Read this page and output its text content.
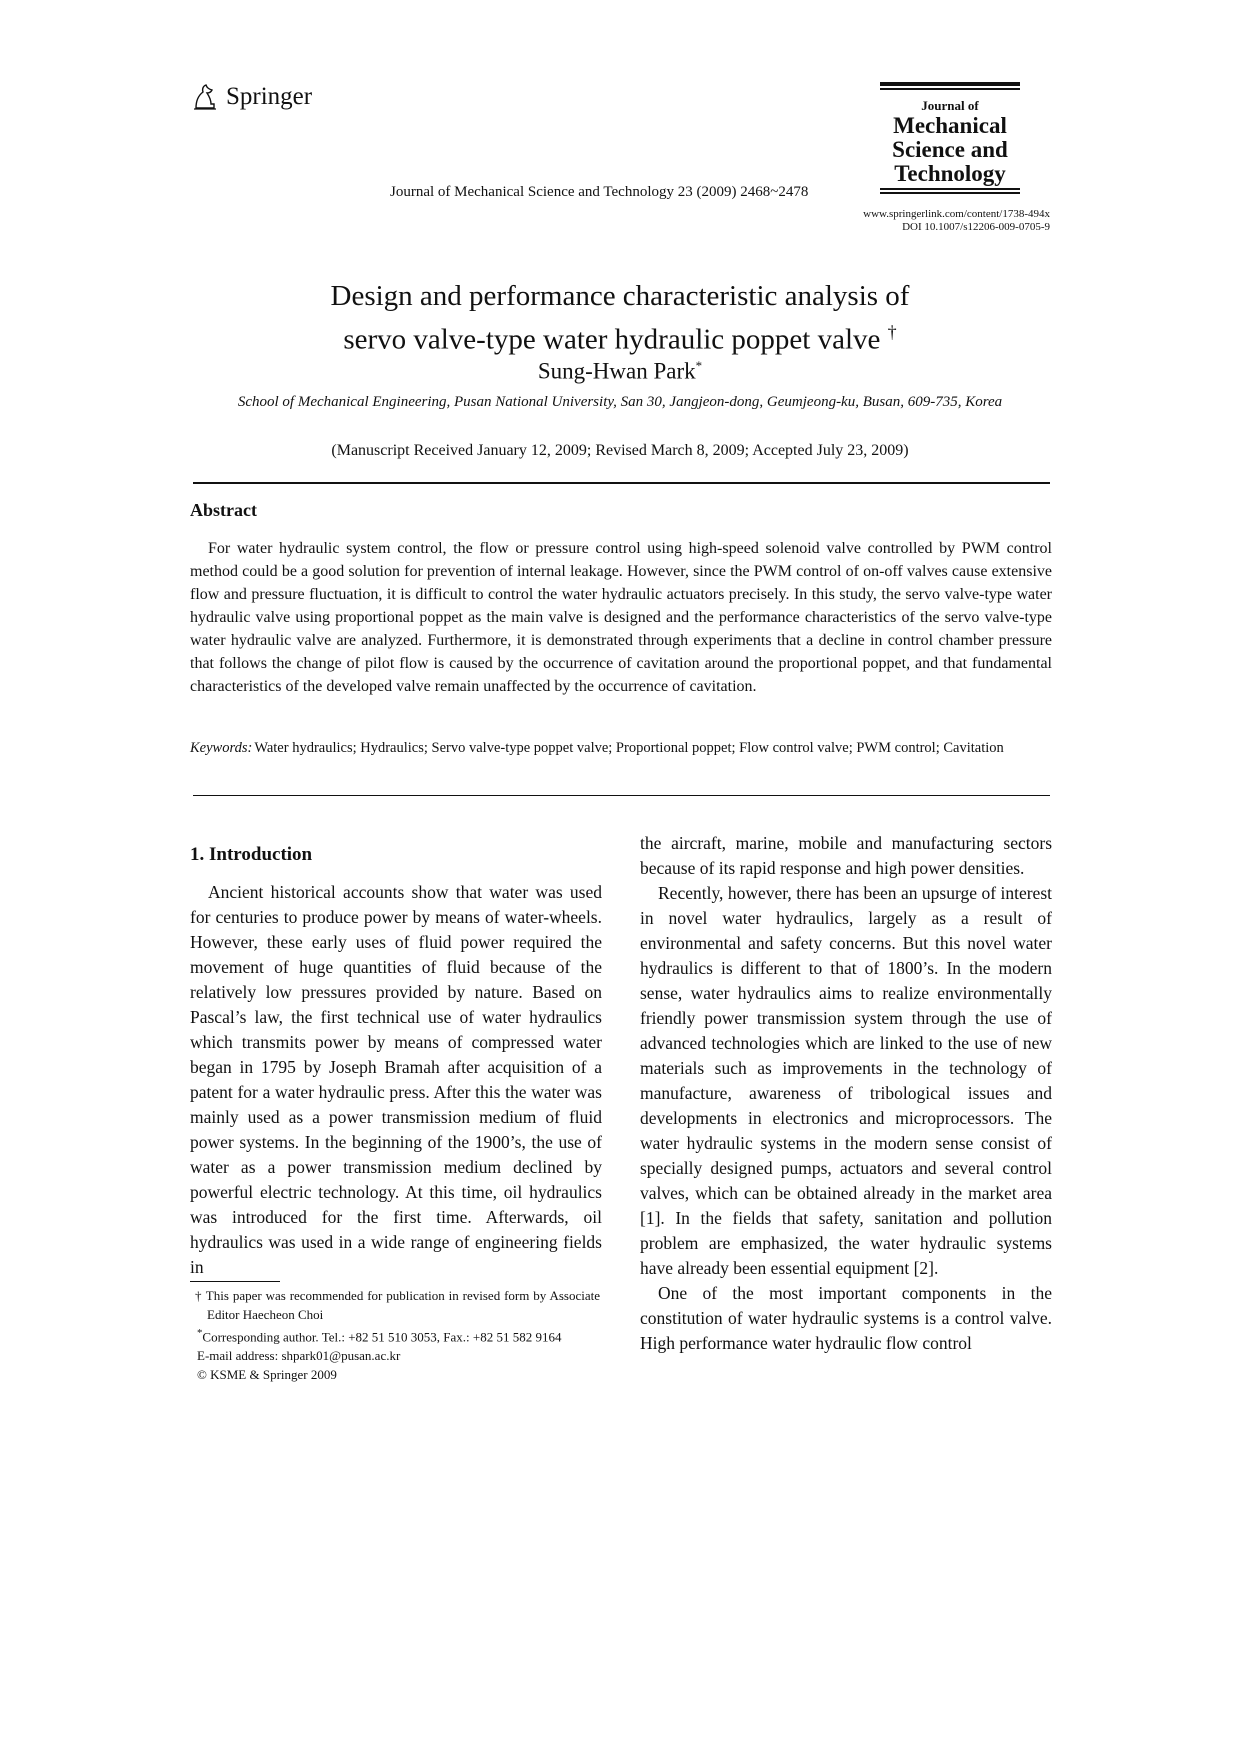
Springer
Journal of Mechanical Science and Technology 23 (2009) 2468~2478
Journal of
Mechanical
Science and
Technology
www.springerlink.com/content/1738-494x
DOI 10.1007/s12206-009-0705-9
Design and performance characteristic analysis of
servo valve-type water hydraulic poppet valve †
Sung-Hwan Park*
School of Mechanical Engineering, Pusan National University, San 30, Jangjeon-dong, Geumjeong-ku, Busan, 609-735, Korea
(Manuscript Received January 12, 2009; Revised March 8, 2009; Accepted July 23, 2009)
Abstract
For water hydraulic system control, the flow or pressure control using high-speed solenoid valve controlled by PWM control method could be a good solution for prevention of internal leakage. However, since the PWM control of on-off valves cause extensive flow and pressure fluctuation, it is difficult to control the water hydraulic actuators precisely. In this study, the servo valve-type water hydraulic valve using proportional poppet as the main valve is designed and the performance characteristics of the servo valve-type water hydraulic valve are analyzed. Furthermore, it is demonstrated through experiments that a decline in control chamber pressure that follows the change of pilot flow is caused by the occurrence of cavitation around the proportional poppet, and that fundamental characteristics of the developed valve remain unaffected by the occurrence of cavitation.
Keywords: Water hydraulics; Hydraulics; Servo valve-type poppet valve; Proportional poppet; Flow control valve; PWM control; Cavitation
1. Introduction

Ancient historical accounts show that water was used for centuries to produce power by means of water-wheels. However, these early uses of fluid power required the movement of huge quantities of fluid because of the relatively low pressures provided by nature. Based on Pascal’s law, the first technical use of water hydraulics which transmits power by means of compressed water began in 1795 by Joseph Bramah after acquisition of a patent for a water hydraulic press. After this the water was mainly used as a power transmission medium of fluid power systems. In the beginning of the 1900’s, the use of water as a power transmission medium declined by powerful electric technology. At this time, oil hydraulics was introduced for the first time. Afterwards, oil hydraulics was used in a wide range of engineering fields in

† This paper was recommended for publication in revised form by Associate Editor Haecheon Choi
*Corresponding author. Tel.: +82 51 510 3053, Fax.: +82 51 582 9164
E-mail address: shpark01@pusan.ac.kr
© KSME & Springer 2009

the aircraft, marine, mobile and manufacturing sectors because of its rapid response and high power densities.

Recently, however, there has been an upsurge of interest in novel water hydraulics, largely as a result of environmental and safety concerns. But this novel water hydraulics is different to that of 1800’s. In the modern sense, water hydraulics aims to realize environmentally friendly power transmission system through the use of advanced technologies which are linked to the use of new materials such as improvements in the technology of manufacture, awareness of tribological issues and developments in electronics and microprocessors. The water hydraulic systems in the modern sense consist of specially designed pumps, actuators and several control valves, which can be obtained already in the market area [1]. In the fields that safety, sanitation and pollution problem are emphasized, the water hydraulic systems have already been essential equipment [2].

One of the most important components in the constitution of water hydraulic systems is a control valve. High performance water hydraulic flow control
